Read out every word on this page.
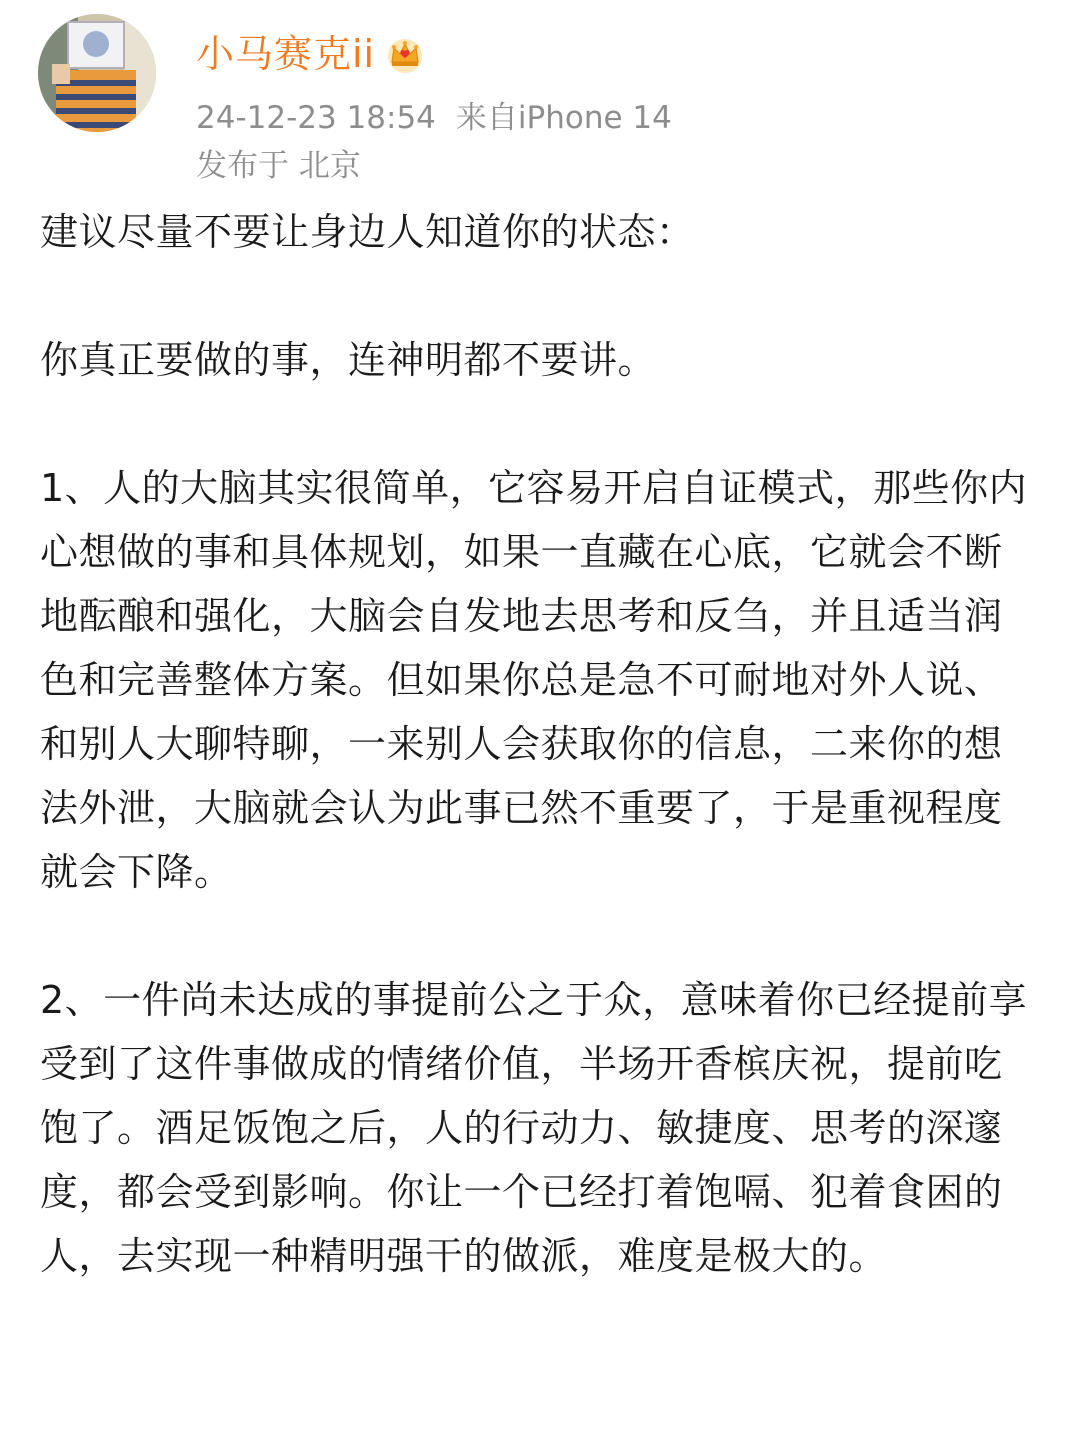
小马赛克ii
24-12-23 18:54 来自iPhone 14
发布于 北京

建议尽量不要让身边人知道你的状态：

你真正要做的事，连神明都不要讲。

1、人的大脑其实很简单，它容易开启自证模式，那些你内心想做的事和具体规划，如果一直藏在心底，它就会不断地酝酿和强化，大脑会自发地去思考和反刍，并且适当润色和完善整体方案。但如果你总是急不可耐地对外人说、和别人大聊特聊，一来别人会获取你的信息，二来你的想法外泄，大脑就会认为此事已然不重要了，于是重视程度就会下降。

2、一件尚未达成的事提前公之于众，意味着你已经提前享受到了这件事做成的情绪价值，半场开香槟庆祝，提前吃饱了。酒足饭饱之后，人的行动力、敏捷度、思考的深邃度，都会受到影响。你让一个已经打着饱嗝、犯着食困的人，去实现一种精明强干的做派，难度是极大的。
